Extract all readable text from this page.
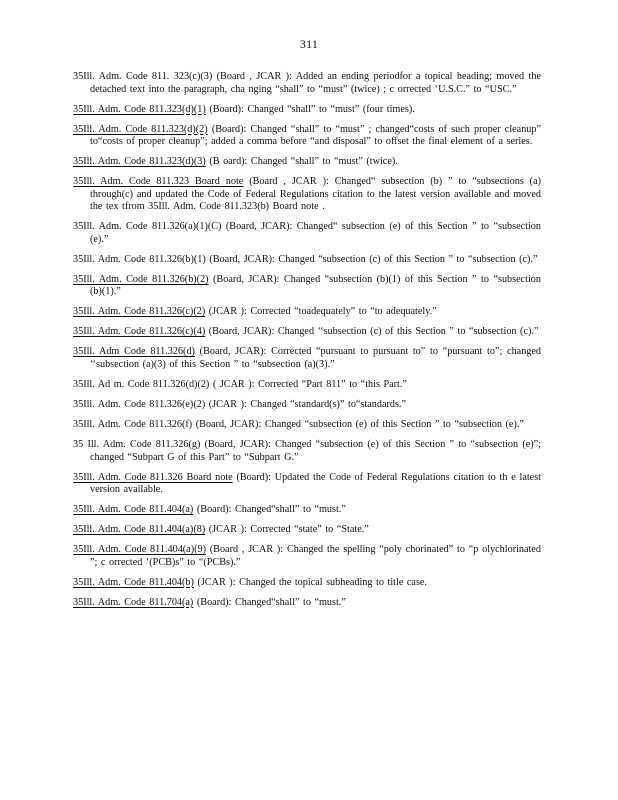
311

35Ill. Adm. Code 811. 323(c)(3) (Board , JCAR ): Added an ending periodfor a topical heading; moved the detached text into the paragraph, cha nging “shall” to “must” (twice) ; c orrected ‘U.S.C.” to “USC.”

35Ill. Adm. Code 811.323(d)(1) (Board): Changed “shall” to “must” (four times).

35Ill. Adm. Code 811.323(d)(2) (Board): Changed “shall” to “must” ; changed“costs of such proper cleanup” to“costs of proper cleanup”; added a comma before “and disposal” to offset the final element of a series.

35Ill. Adm. Code 811.323(d)(3) (B oard): Changed “shall” to “must” (twice).

35Ill. Adm. Code 811.323 Board note (Board , JCAR ): Changed“ subsection (b) ” to “subsections (a) through(c) and updated the Code of Federal Regulations citation to the latest version available and moved the tex tfrom 35Ill. Adm. Code 811.323(b) Board note .

35Ill. Adm. Code 811.326(a)(1)(C) (Board, JCAR): Changed“ subsection (e) of this Section ” to “subsection (e).”

35Ill. Adm. Code 811.326(b)(1) (Board, JCAR): Changed “subsection (c) of this Section ” to “subsection (c).”

35Ill. Adm. Code 811.326(b)(2) (Board, JCAR): Changed “subsection (b)(1) of this Section ” to “subsection (b)(1).”

35Ill. Adm. Code 811.326(c)(2) (JCAR ): Corrected “toadequately” to “to adequately.”

35Ill. Adm. Code 811.326(c)(4) (Board, JCAR): Changed ‘‘subsection (c) of this Section ” to “subsection (c).”

35Ill. Adm Code 811.326(d) (Board, JCAR): Corrected “pursuant to pursuant to” to “pursuant to”; changed ‘‘subsection (a)(3) of this Section ” to “subsection (a)(3).”

35Ill. Ad m. Code 811.326(d)(2) ( JCAR ): Corrected “Part 811” to “this Part.”

35Ill. Adm. Code 811.326(e)(2) (JCAR ): Changed “standard(s)” to“standards.”

35Ill. Adm. Code 811.326(f) (Board, JCAR): Changed “subsection (e) of this Section ” to “subsection (e).”

35 Ill. Adm. Code 811.326(g) (Board, JCAR): Changed “subsection (e) of this Section ” to “subsection (e)”; changed “Subpart G of this Part” to “Subpart G.”

35Ill. Adm. Code 811.326 Board note (Board): Updated the Code of Federal Regulations citation to th e latest version available.

35Ill. Adm. Code 811.404(a) (Board): Changed“shall” to “must.”

35Ill. Adm. Code 811.404(a)(8) (JCAR ): Corrected “state” to “State.”

35Ill. Adm. Code 811.404(a)(9) (Board , JCAR ): Changed the spelling “poly chorinated” to “p olychlorinated ”; c orrected ‘(PCB)s” to “(PCBs).”

35Ill. Adm. Code 811.404(b) (JCAR ): Changed the topical subheading to title case.

35Ill. Adm. Code 811.704(a) (Board): Changed“shall” to “must.”
